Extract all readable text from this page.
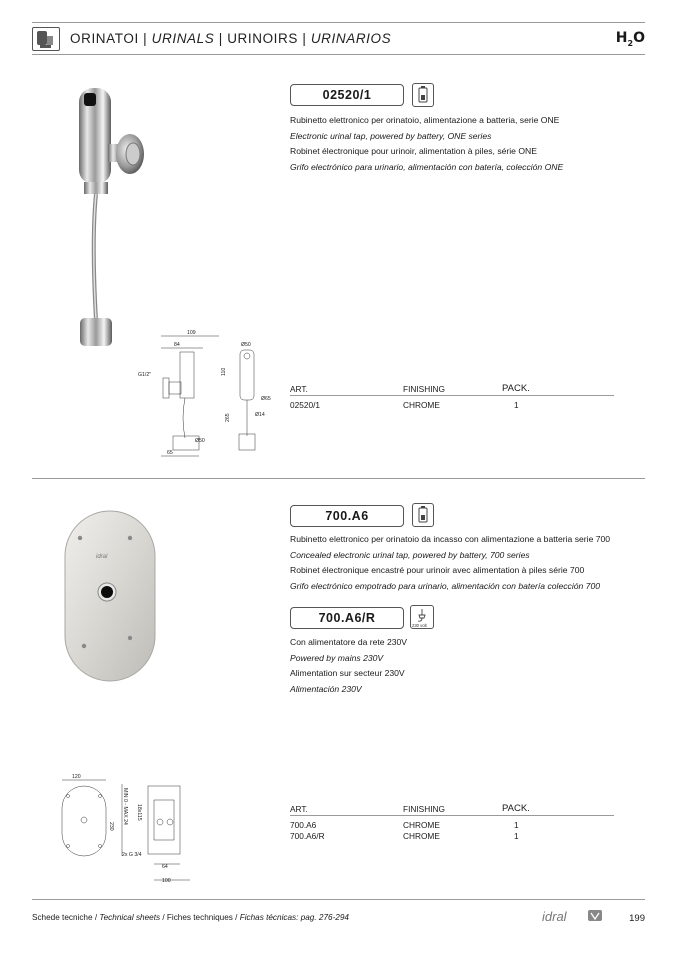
ORINATOI | URINALS | URINOIRS | URINARIOS	$H_2O$
109
84
G1/2"
65
Ø50
Ø50
110
Ø65
Ø14
265
02520/1
Rubinetto elettronico per orinatoio, alimentazione a batteria, serie ONE
Electronic urinal tap, powered by battery, ONE series
Robinet électronique pour urinoir, alimentation à piles, série ONE
Grifo electrónico para urinario, alimentación con batería, colección ONE
ART.	FINISHING	PACK.
02520/1	CHROME	1
idral
120
230
MIN 0 - MAX 24 18x115
2x G 3/4
64
100
700.A6
Rubinetto elettronico per orinatoio da incasso con alimentazione a batteria serie 700
Concealed electronic urinal tap, powered by battery, 700 series
Robinet électronique encastré pour urinoir avec alimentation à piles série 700
Grifo electrónico empotrado para urinario, alimentación con batería colección 700
700.A6/R
230 volt
Con alimentatore da rete 230V
Powered by mains 230V
Alimentation sur secteur 230V
Alimentación 230V
ART.	FINISHING	PACK.
700.A6	CHROME	1
700.A6/R	CHROME	1
Schede tecniche / Technical sheets / Fiches techniques / Fichas técnicas: pag. 276-294	idral	199
